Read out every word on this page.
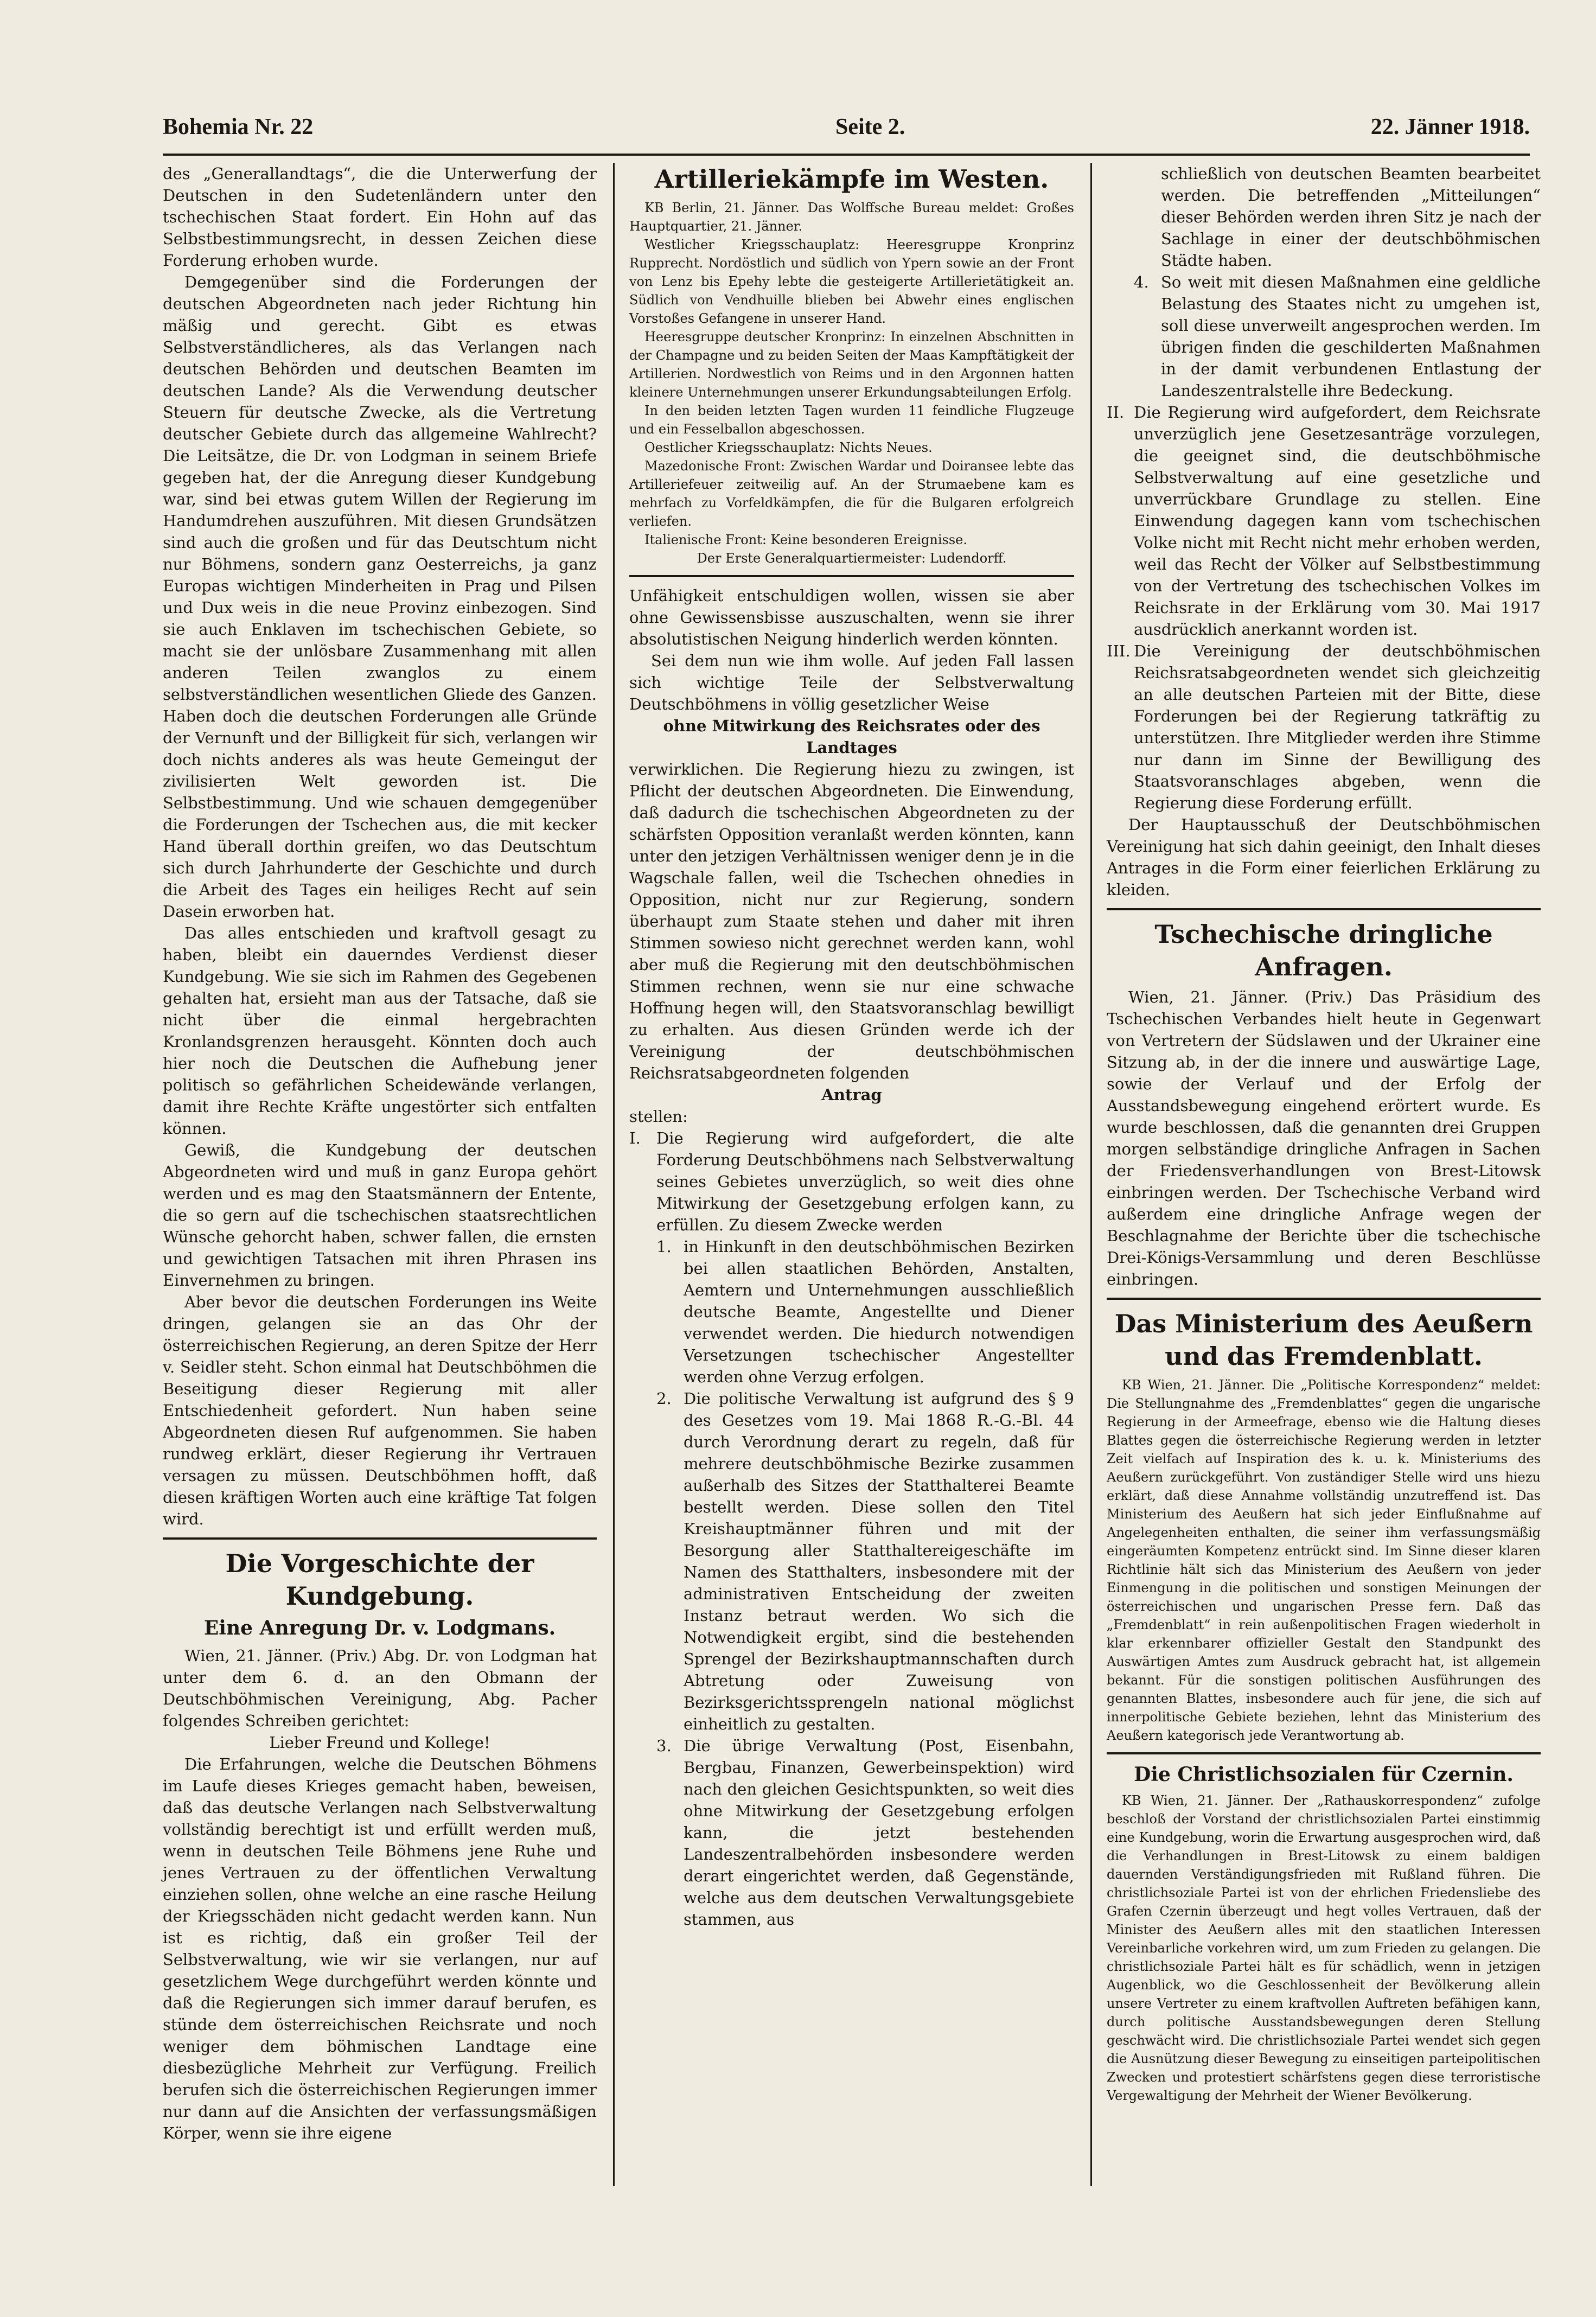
Bohemia Nr. 22	Seite 2.	22. Jänner 1918.

des „Generallandtags“, die die Unterwerfung der Deutschen in den Sudetenländern unter den tschechischen Staat fordert. Ein Hohn auf das Selbstbestimmungsrecht, in dessen Zeichen diese Forderung erhoben wurde.

Demgegenüber sind die Forderungen der deutschen Abgeordneten nach jeder Richtung hin mäßig und gerecht. Gibt es etwas Selbstverständlicheres, als das Verlangen nach deutschen Behörden und deutschen Beamten im deutschen Lande? Als die Verwendung deutscher Steuern für deutsche Zwecke, als die Vertretung deutscher Gebiete durch das allgemeine Wahlrecht? Die Leitsätze, die Dr. von Lodgman in seinem Briefe gegeben hat, der die Anregung dieser Kundgebung war, sind bei etwas gutem Willen der Regierung im Handumdrehen auszuführen. Mit diesen Grundsätzen sind auch die großen und für das Deutschtum nicht nur Böhmens, sondern ganz Oesterreichs, ja ganz Europas wichtigen Minderheiten in Prag und Pilsen und Dux weis in die neue Provinz einbezogen. Sind sie auch Enklaven im tschechischen Gebiete, so macht sie der unlösbare Zusammenhang mit allen anderen Teilen zwanglos zu einem selbstverständlichen wesentlichen Gliede des Ganzen. Haben doch die deutschen Forderungen alle Gründe der Vernunft und der Billigkeit für sich, verlangen wir doch nichts anderes als was heute Gemeingut der zivilisierten Welt geworden ist. Die Selbstbestimmung. Und wie schauen demgegenüber die Forderungen der Tschechen aus, die mit kecker Hand überall dorthin greifen, wo das Deutschtum sich durch Jahrhunderte der Geschichte und durch die Arbeit des Tages ein heiliges Recht auf sein Dasein erworben hat.

Das alles entschieden und kraftvoll gesagt zu haben, bleibt ein dauerndes Verdienst dieser Kundgebung. Wie sie sich im Rahmen des Gegebenen gehalten hat, ersieht man aus der Tatsache, daß sie nicht über die einmal hergebrachten Kronlandsgrenzen herausgeht. Könnten doch auch hier noch die Deutschen die Aufhebung jener politisch so gefährlichen Scheidewände verlangen, damit ihre Rechte Kräfte ungestörter sich entfalten können.

Gewiß, die Kundgebung der deutschen Abgeordneten wird und muß in ganz Europa gehört werden und es mag den Staatsmännern der Entente, die so gern auf die tschechischen staatsrechtlichen Wünsche gehorcht haben, schwer fallen, die ernsten und gewichtigen Tatsachen mit ihren Phrasen ins Einvernehmen zu bringen.

Aber bevor die deutschen Forderungen ins Weite dringen, gelangen sie an das Ohr der österreichischen Regierung, an deren Spitze der Herr v. Seidler steht. Schon einmal hat Deutschböhmen die Beseitigung dieser Regierung mit aller Entschiedenheit gefordert. Nun haben seine Abgeordneten diesen Ruf aufgenommen. Sie haben rundweg erklärt, dieser Regierung ihr Vertrauen versagen zu müssen. Deutschböhmen hofft, daß diesen kräftigen Worten auch eine kräftige Tat folgen wird.

Die Vorgeschichte der Kundgebung.
Eine Anregung Dr. v. Lodgmans.

Wien, 21. Jänner. (Priv.) Abg. Dr. von Lodgman hat unter dem 6. d. an den Obmann der Deutschböhmischen Vereinigung, Abg. Pacher folgendes Schreiben gerichtet:

Lieber Freund und Kollege!

Die Erfahrungen, welche die Deutschen Böhmens im Laufe dieses Krieges gemacht haben, beweisen, daß das deutsche Verlangen nach Selbstverwaltung vollständig berechtigt ist und erfüllt werden muß, wenn in deutschen Teile Böhmens jene Ruhe und jenes Vertrauen zu der öffentlichen Verwaltung einziehen sollen, ohne welche an eine rasche Heilung der Kriegsschäden nicht gedacht werden kann. Nun ist es richtig, daß ein großer Teil der Selbstverwaltung, wie wir sie verlangen, nur auf gesetzlichem Wege durchgeführt werden könnte und daß die Regierungen sich immer darauf berufen, es stünde dem österreichischen Reichsrate und noch weniger dem böhmischen Landtage eine diesbezügliche Mehrheit zur Verfügung. Freilich berufen sich die österreichischen Regierungen immer nur dann auf die Ansichten der verfassungsmäßigen Körper, wenn sie ihre eigene

Artilleriekämpfe im Westen.

KB Berlin, 21. Jänner. Das Wolffsche Bureau meldet: Großes Hauptquartier, 21. Jänner.

Westlicher Kriegsschauplatz: Heeresgruppe Kronprinz Rupprecht. Nordöstlich und südlich von Ypern sowie an der Front von Lenz bis Epehy lebte die gesteigerte Artillerietätigkeit an. Südlich von Vendhuille blieben bei Abwehr eines englischen Vorstoßes Gefangene in unserer Hand.

Heeresgruppe deutscher Kronprinz: In einzelnen Abschnitten in der Champagne und zu beiden Seiten der Maas Kampftätigkeit der Artillerien. Nordwestlich von Reims und in den Argonnen hatten kleinere Unternehmungen unserer Erkundungsabteilungen Erfolg.

In den beiden letzten Tagen wurden 11 feindliche Flugzeuge und ein Fesselballon abgeschossen.

Oestlicher Kriegsschauplatz: Nichts Neues.

Mazedonische Front: Zwischen Wardar und Doiransee lebte das Artilleriefeuer zeitweilig auf. An der Strumaebene kam es mehrfach zu Vorfeldkämpfen, die für die Bulgaren erfolgreich verliefen.

Italienische Front: Keine besonderen Ereignisse.

Der Erste Generalquartiermeister: Ludendorff.

Unfähigkeit entschuldigen wollen, wissen sie aber ohne Gewissensbisse auszuschalten, wenn sie ihrer absolutistischen Neigung hinderlich werden könnten.

Sei dem nun wie ihm wolle. Auf jeden Fall lassen sich wichtige Teile der Selbstverwaltung Deutschböhmens in völlig gesetzlicher Weise

ohne Mitwirkung des Reichsrates oder des Landtages

verwirklichen. Die Regierung hiezu zu zwingen, ist Pflicht der deutschen Abgeordneten. Die Einwendung, daß dadurch die tschechischen Abgeordneten zu der schärfsten Opposition veranlaßt werden könnten, kann unter den jetzigen Verhältnissen weniger denn je in die Wagschale fallen, weil die Tschechen ohnedies in Opposition, nicht nur zur Regierung, sondern überhaupt zum Staate stehen und daher mit ihren Stimmen sowieso nicht gerechnet werden kann, wohl aber muß die Regierung mit den deutschböhmischen Stimmen rechnen, wenn sie nur eine schwache Hoffnung hegen will, den Staatsvoranschlag bewilligt zu erhalten. Aus diesen Gründen werde ich der Vereinigung der deutschböhmischen Reichsratsabgeordneten folgenden

Antrag

stellen:

I. Die Regierung wird aufgefordert, die alte Forderung Deutschböhmens nach Selbstverwaltung seines Gebietes unverzüglich, so weit dies ohne Mitwirkung der Gesetzgebung erfolgen kann, zu erfüllen. Zu diesem Zwecke werden

1. in Hinkunft in den deutschböhmischen Bezirken bei allen staatlichen Behörden, Anstalten, Aemtern und Unternehmungen ausschließlich deutsche Beamte, Angestellte und Diener verwendet werden. Die hiedurch notwendigen Versetzungen tschechischer Angestellter werden ohne Verzug erfolgen.

2. Die politische Verwaltung ist aufgrund des § 9 des Gesetzes vom 19. Mai 1868 R.-G.-Bl. 44 durch Verordnung derart zu regeln, daß für mehrere deutschböhmische Bezirke zusammen außerhalb des Sitzes der Statthalterei Beamte bestellt werden. Diese sollen den Titel Kreishauptmänner führen und mit der Besorgung aller Statthaltereigeschäfte im Namen des Statthalters, insbesondere mit der administrativen Entscheidung der zweiten Instanz betraut werden. Wo sich die Notwendigkeit ergibt, sind die bestehenden Sprengel der Bezirkshauptmannschaften durch Abtretung oder Zuweisung von Bezirksgerichtssprengeln national möglichst einheitlich zu gestalten.

3. Die übrige Verwaltung (Post, Eisenbahn, Bergbau, Finanzen, Gewerbeinspektion) wird nach den gleichen Gesichtspunkten, so weit dies ohne Mitwirkung der Gesetzgebung erfolgen kann, die jetzt bestehenden Landeszentralbehörden insbesondere werden derart eingerichtet werden, daß Gegenstände, welche aus dem deutschen Verwaltungsgebiete stammen, aus

schließlich von deutschen Beamten bearbeitet werden. Die betreffenden „Mitteilungen“ dieser Behörden werden ihren Sitz je nach der Sachlage in einer der deutschböhmischen Städte haben.

4. So weit mit diesen Maßnahmen eine geldliche Belastung des Staates nicht zu umgehen ist, soll diese unverweilt angesprochen werden. Im übrigen finden die geschilderten Maßnahmen in der damit verbundenen Entlastung der Landeszentralstelle ihre Bedeckung.

II. Die Regierung wird aufgefordert, dem Reichsrate unverzüglich jene Gesetzesanträge vorzulegen, die geeignet sind, die deutschböhmische Selbstverwaltung auf eine gesetzliche und unverrückbare Grundlage zu stellen. Eine Einwendung dagegen kann vom tschechischen Volke nicht mit Recht nicht mehr erhoben werden, weil das Recht der Völker auf Selbstbestimmung von der Vertretung des tschechischen Volkes im Reichsrate in der Erklärung vom 30. Mai 1917 ausdrücklich anerkannt worden ist.

III. Die Vereinigung der deutschböhmischen Reichsratsabgeordneten wendet sich gleichzeitig an alle deutschen Parteien mit der Bitte, diese Forderungen bei der Regierung tatkräftig zu unterstützen. Ihre Mitglieder werden ihre Stimme nur dann im Sinne der Bewilligung des Staatsvoranschlages abgeben, wenn die Regierung diese Forderung erfüllt.

Der Hauptausschuß der Deutschböhmischen Vereinigung hat sich dahin geeinigt, den Inhalt dieses Antrages in die Form einer feierlichen Erklärung zu kleiden.

Tschechische dringliche Anfragen.

Wien, 21. Jänner. (Priv.) Das Präsidium des Tschechischen Verbandes hielt heute in Gegenwart von Vertretern der Südslawen und der Ukrainer eine Sitzung ab, in der die innere und auswärtige Lage, sowie der Verlauf und der Erfolg der Ausstandsbewegung eingehend erörtert wurde. Es wurde beschlossen, daß die genannten drei Gruppen morgen selbständige dringliche Anfragen in Sachen der Friedensverhandlungen von Brest-Litowsk einbringen werden. Der Tschechische Verband wird außerdem eine dringliche Anfrage wegen der Beschlagnahme der Berichte über die tschechische Drei-Königs-Versammlung und deren Beschlüsse einbringen.

Das Ministerium des Aeußern
und das Fremdenblatt.

KB Wien, 21. Jänner. Die „Politische Korrespondenz“ meldet: Die Stellungnahme des „Fremdenblattes“ gegen die ungarische Regierung in der Armeefrage, ebenso wie die Haltung dieses Blattes gegen die österreichische Regierung werden in letzter Zeit vielfach auf Inspiration des k. u. k. Ministeriums des Aeußern zurückgeführt. Von zuständiger Stelle wird uns hiezu erklärt, daß diese Annahme vollständig unzutreffend ist. Das Ministerium des Aeußern hat sich jeder Einflußnahme auf Angelegenheiten enthalten, die seiner ihm verfassungsmäßig eingeräumten Kompetenz entrückt sind. Im Sinne dieser klaren Richtlinie hält sich das Ministerium des Aeußern von jeder Einmengung in die politischen und sonstigen Meinungen der österreichischen und ungarischen Presse fern. Daß das „Fremdenblatt“ in rein außenpolitischen Fragen wiederholt in klar erkennbarer offizieller Gestalt den Standpunkt des Auswärtigen Amtes zum Ausdruck gebracht hat, ist allgemein bekannt. Für die sonstigen politischen Ausführungen des genannten Blattes, insbesondere auch für jene, die sich auf innerpolitische Gebiete beziehen, lehnt das Ministerium des Aeußern kategorisch jede Verantwortung ab.

Die Christlichsozialen für Czernin.

KB Wien, 21. Jänner. Der „Rathauskorrespondenz“ zufolge beschloß der Vorstand der christlichsozialen Partei einstimmig eine Kundgebung, worin die Erwartung ausgesprochen wird, daß die Verhandlungen in Brest-Litowsk zu einem baldigen dauernden Verständigungsfrieden mit Rußland führen. Die christlichsoziale Partei ist von der ehrlichen Friedensliebe des Grafen Czernin überzeugt und hegt volles Vertrauen, daß der Minister des Aeußern alles mit den staatlichen Interessen Vereinbarliche vorkehren wird, um zum Frieden zu gelangen. Die christlichsoziale Partei hält es für schädlich, wenn in jetzigen Augenblick, wo die Geschlossenheit der Bevölkerung allein unsere Vertreter zu einem kraftvollen Auftreten befähigen kann, durch politische Ausstandsbewegungen deren Stellung geschwächt wird. Die christlichsoziale Partei wendet sich gegen die Ausnützung dieser Bewegung zu einseitigen parteipolitischen Zwecken und protestiert schärfstens gegen diese terroristische Vergewaltigung der Mehrheit der Wiener Bevölkerung.
